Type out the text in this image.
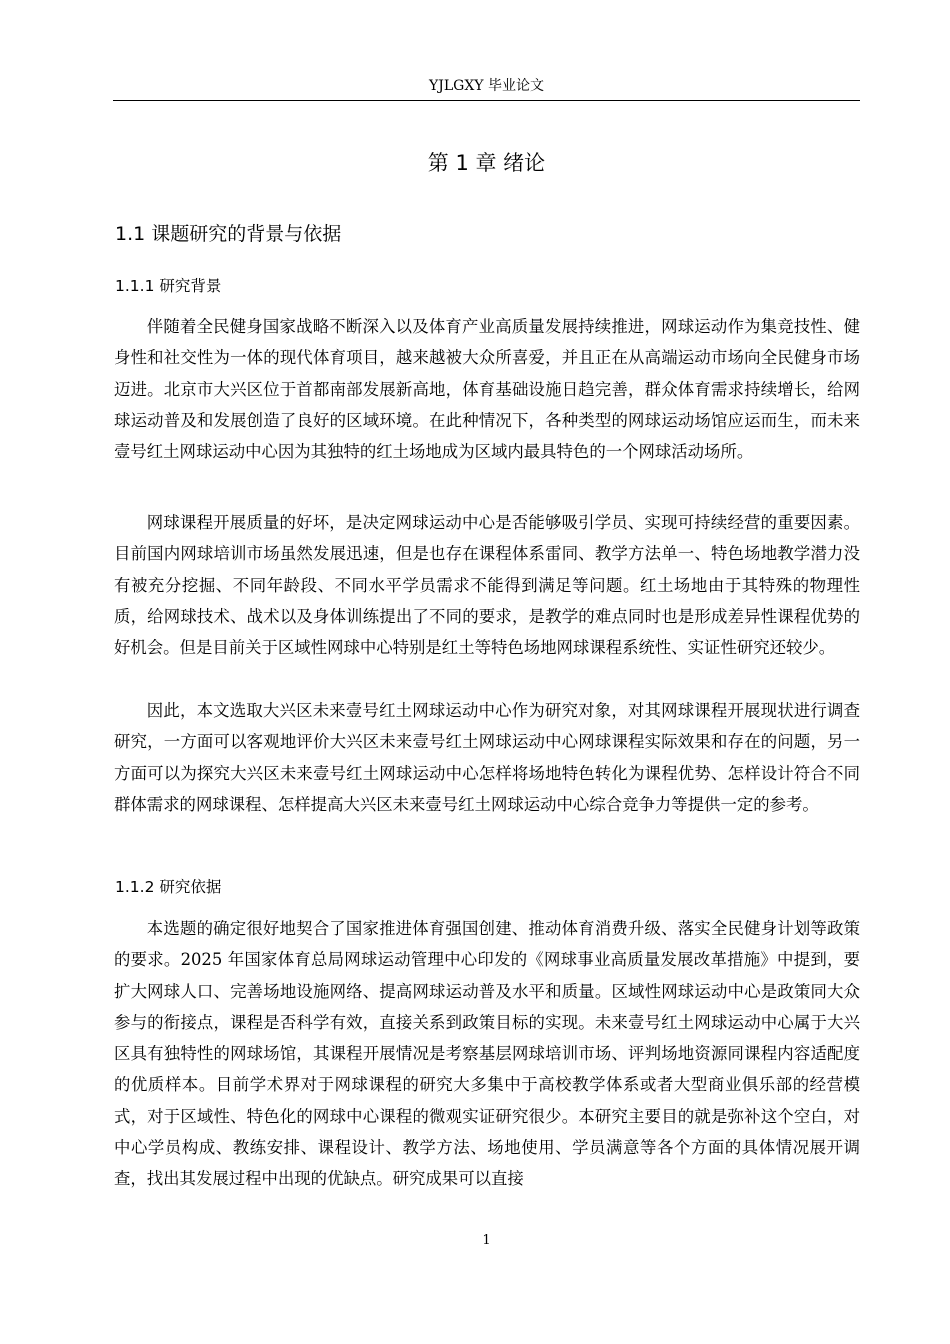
YJLGXY 毕业论文
第 1 章 绪论
1.1 课题研究的背景与依据
1.1.1 研究背景

伴随着全民健身国家战略不断深入以及体育产业高质量发展持续推进，网球运动作为集竞技性、健身性和社交性为一体的现代体育项目，越来越被大众所喜爱，并且正在从高端运动市场向全民健身市场迈进。北京市大兴区位于首都南部发展新高地，体育基础设施日趋完善，群众体育需求持续增长，给网球运动普及和发展创造了良好的区域环境。在此种情况下，各种类型的网球运动场馆应运而生，而未来壹号红土网球运动中心因为其独特的红土场地成为区域内最具特色的一个网球活动场所。

网球课程开展质量的好坏，是决定网球运动中心是否能够吸引学员、实现可持续经营的重要因素。目前国内网球培训市场虽然发展迅速，但是也存在课程体系雷同、教学方法单一、特色场地教学潜力没有被充分挖掘、不同年龄段、不同水平学员需求不能得到满足等问题。红土场地由于其特殊的物理性质，给网球技术、战术以及身体训练提出了不同的要求，是教学的难点同时也是形成差异性课程优势的好机会。但是目前关于区域性网球中心特别是红土等特色场地网球课程系统性、实证性研究还较少。

因此，本文选取大兴区未来壹号红土网球运动中心作为研究对象，对其网球课程开展现状进行调查研究，一方面可以客观地评价大兴区未来壹号红土网球运动中心网球课程实际效果和存在的问题，另一方面可以为探究大兴区未来壹号红土网球运动中心怎样将场地特色转化为课程优势、怎样设计符合不同群体需求的网球课程、怎样提高大兴区未来壹号红土网球运动中心综合竞争力等提供一定的参考。

1.1.2 研究依据

本选题的确定很好地契合了国家推进体育强国创建、推动体育消费升级、落实全民健身计划等政策的要求。2025 年国家体育总局网球运动管理中心印发的《网球事业高质量发展改革措施》中提到，要扩大网球人口、完善场地设施网络、提高网球运动普及水平和质量。区域性网球运动中心是政策同大众参与的衔接点，课程是否科学有效，直接关系到政策目标的实现。未来壹号红土网球运动中心属于大兴区具有独特性的网球场馆，其课程开展情况是考察基层网球培训市场、评判场地资源同课程内容适配度的优质样本。目前学术界对于网球课程的研究大多集中于高校教学体系或者大型商业俱乐部的经营模式，对于区域性、特色化的网球中心课程的微观实证研究很少。本研究主要目的就是弥补这个空白，对中心学员构成、教练安排、课程设计、教学方法、场地使用、学员满意等各个方面的具体情况展开调查，找出其发展过程中出现的优缺点。研究成果可以直接

1
